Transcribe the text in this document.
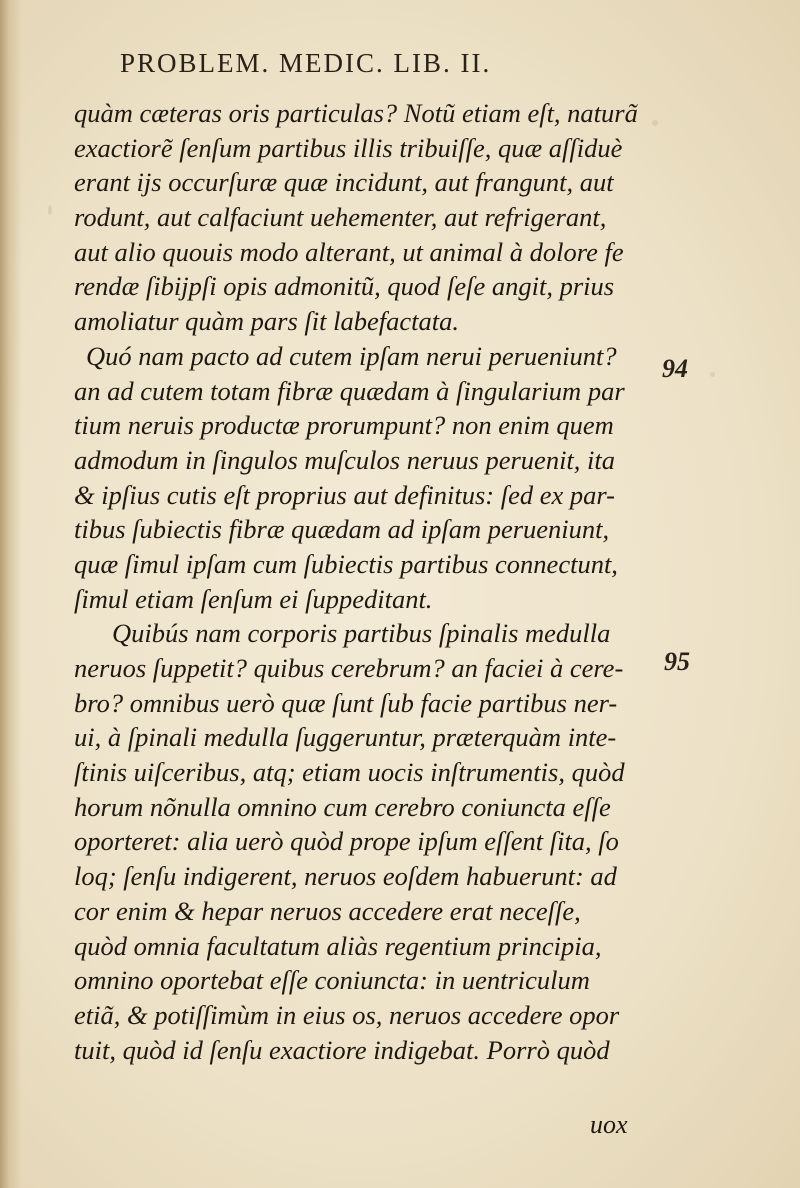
PROBLEM. MEDIC. LIB. II.
quàm cæteras oris particulas? Notũ etiam eſt, naturã
exactiorẽ ſenſum partibus illis tribuiſſe, quæ aſſiduè
erant ijs occurſuræ quæ incidunt, aut frangunt, aut
rodunt, aut calfaciunt uehementer, aut refrigerant,
aut alio quouis modo alterant, ut animal à dolore fe
rendæ ſibijpſi opis admonitũ, quod ſeſe angit, prius
amoliatur quàm pars ſit labefactata.
Quó nam pacto ad cutem ipſam nerui perueniunt?
an ad cutem totam fibræ quædam à ſingularium par
tium neruis productæ prorumpunt? non enim quem
admodum in ſingulos muſculos neruus peruenit, ita
& ipſius cutis eſt proprius aut definitus: ſed ex par-
tibus ſubiectis fibræ quædam ad ipſam perueniunt,
quæ ſimul ipſam cum ſubiectis partibus connectunt,
ſimul etiam ſenſum ei ſuppeditant.
Quibús nam corporis partibus ſpinalis medulla
neruos ſuppetit? quibus cerebrum? an faciei à cere-
bro? omnibus uerò quæ ſunt ſub facie partibus ner-
ui, à ſpinali medulla ſuggeruntur, præterquàm inte-
ſtinis uiſceribus, atq; etiam uocis inſtrumentis, quòd
horum nõnulla omnino cum cerebro coniuncta eſſe
oporteret: alia uerò quòd prope ipſum eſſent ſita, ſo
loq; ſenſu indigerent, neruos eoſdem habuerunt: ad
cor enim & hepar neruos accedere erat neceſſe,
quòd omnia facultatum aliàs regentium principia,
omnino oportebat eſſe coniuncta: in uentriculum
etiã, & potiſſimùm in eius os, neruos accedere opor
tuit, quòd id ſenſu exactiore indigebat. Porrò quòd
94
95
uox
